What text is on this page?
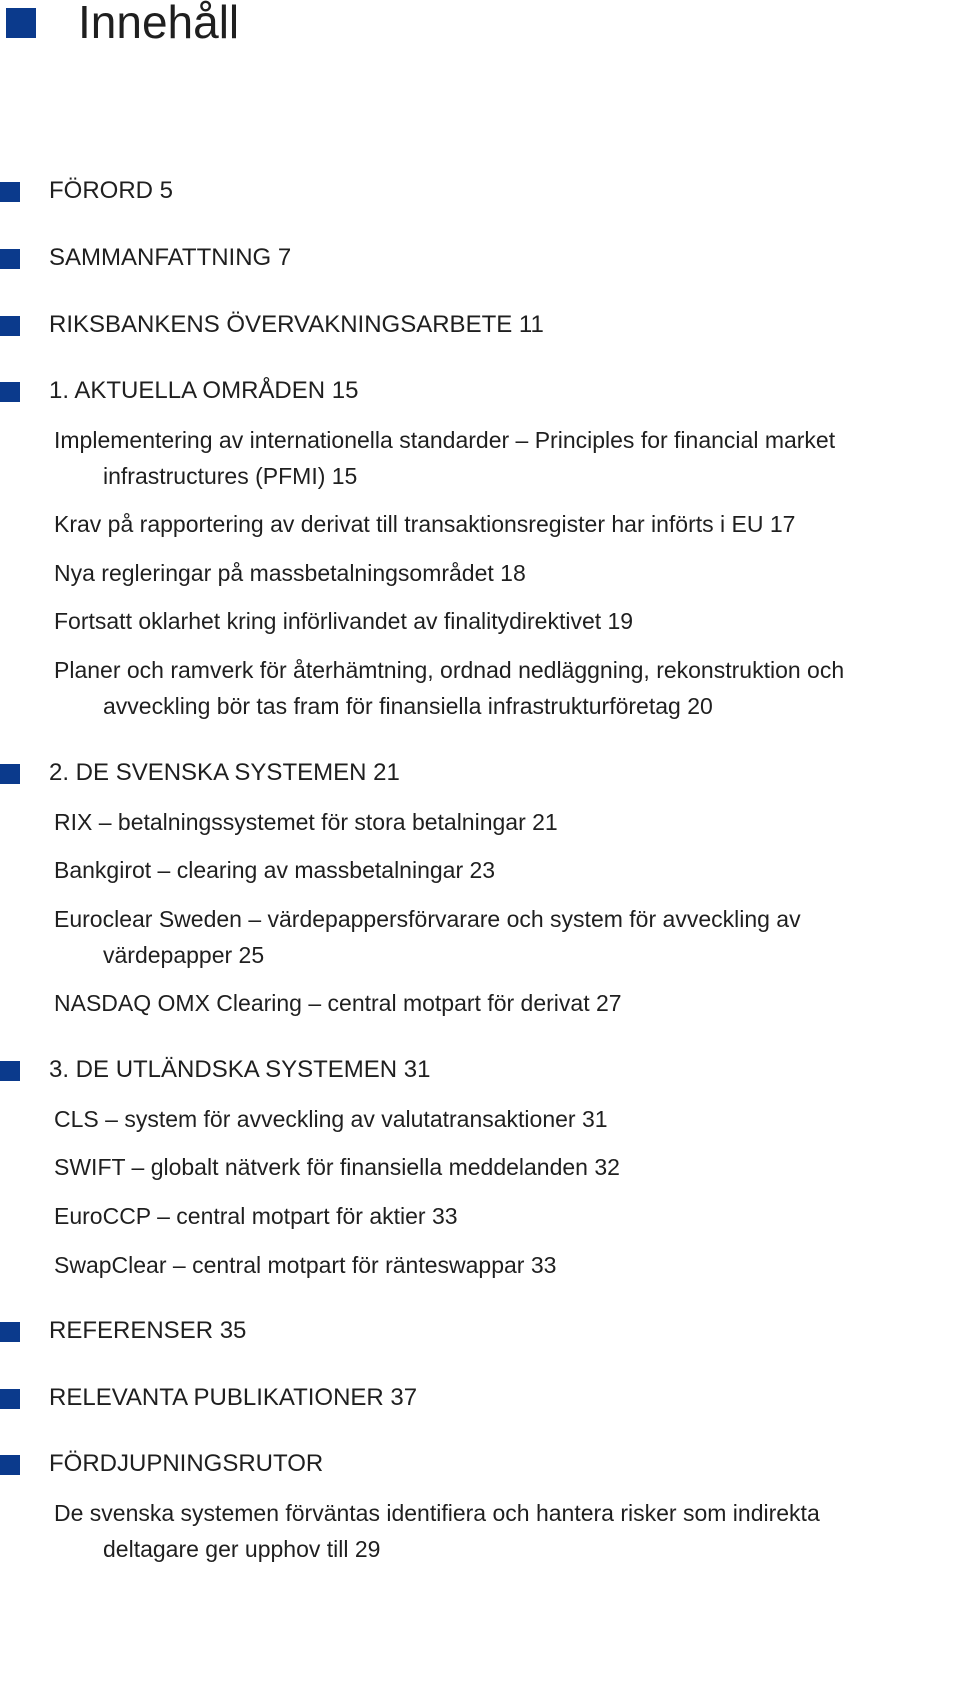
Innehåll
FÖRORD 5
SAMMANFATTNING 7
RIKSBANKENS ÖVERVAKNINGSARBETE 11
1. AKTUELLA OMRÅDEN 15
Implementering av internationella standarder – Principles for financial market
infrastructures (PFMI) 15
Krav på rapportering av derivat till transaktionsregister har införts i EU 17
Nya regleringar på massbetalningsområdet 18
Fortsatt oklarhet kring införlivandet av finalitydirektivet 19
Planer och ramverk för återhämtning, ordnad nedläggning, rekonstruktion och
avveckling bör tas fram för finansiella infrastrukturföretag 20
2. DE SVENSKA SYSTEMEN 21
RIX – betalningssystemet för stora betalningar 21
Bankgirot – clearing av massbetalningar 23
Euroclear Sweden – värdepappersförvarare och system för avveckling av
värdepapper 25
NASDAQ OMX Clearing – central motpart för derivat 27
3. DE UTLÄNDSKA SYSTEMEN 31
CLS – system för avveckling av valutatransaktioner 31
SWIFT – globalt nätverk för finansiella meddelanden 32
EuroCCP – central motpart för aktier 33
SwapClear – central motpart för ränteswappar 33
REFERENSER 35
RELEVANTA PUBLIKATIONER 37
FÖRDJUPNINGSRUTOR
De svenska systemen förväntas identifiera och hantera risker som indirekta
deltagare ger upphov till 29
